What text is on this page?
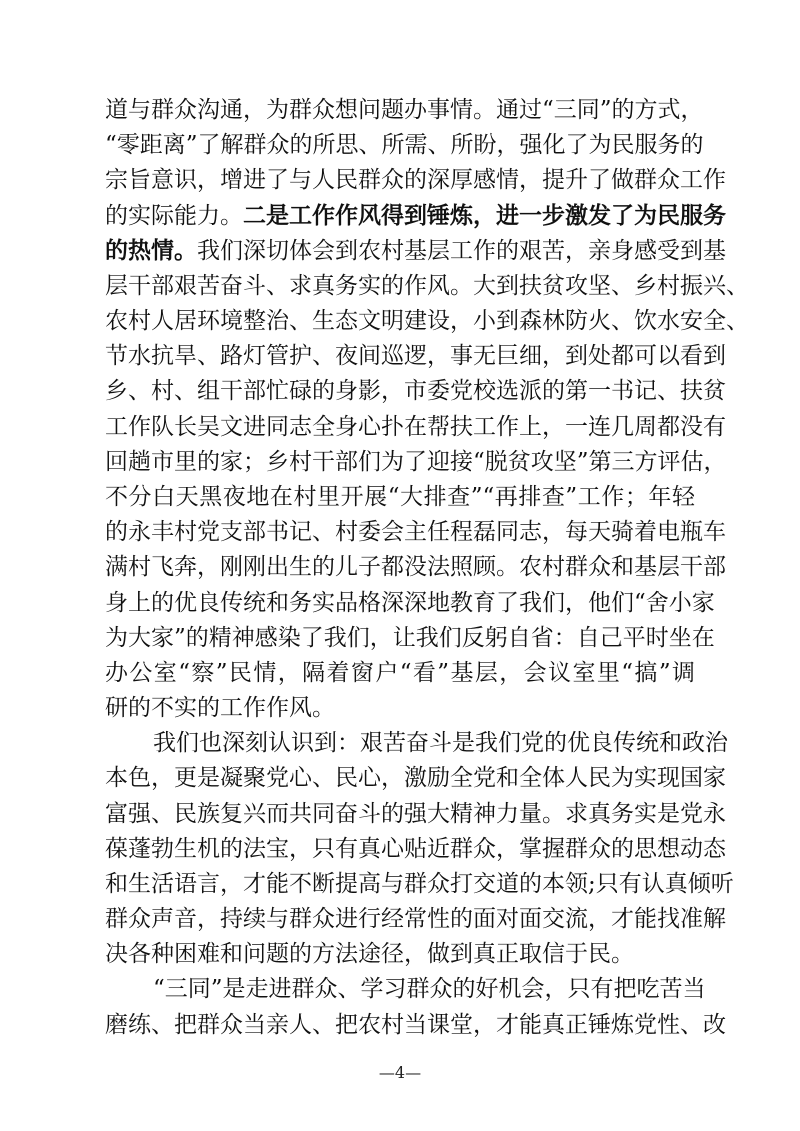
道与群众沟通，为群众想问题办事情。通过“三同”的方式，
“零距离”了解群众的所思、所需、所盼，强化了为民服务的
宗旨意识，增进了与人民群众的深厚感情，提升了做群众工作
的实际能力。二是工作作风得到锤炼，进一步激发了为民服务
的热情。我们深切体会到农村基层工作的艰苦，亲身感受到基
层干部艰苦奋斗、求真务实的作风。大到扶贫攻坚、乡村振兴、
农村人居环境整治、生态文明建设，小到森林防火、饮水安全、
节水抗旱、路灯管护、夜间巡逻，事无巨细，到处都可以看到
乡、村、组干部忙碌的身影，市委党校选派的第一书记、扶贫
工作队长吴文进同志全身心扑在帮扶工作上，一连几周都没有
回趟市里的家；乡村干部们为了迎接“脱贫攻坚”第三方评估，
不分白天黑夜地在村里开展“大排查”“再排查”工作；年轻
的永丰村党支部书记、村委会主任程磊同志，每天骑着电瓶车
满村飞奔，刚刚出生的儿子都没法照顾。农村群众和基层干部
身上的优良传统和务实品格深深地教育了我们，他们“舍小家
为大家”的精神感染了我们，让我们反躬自省：自己平时坐在
办公室“察”民情，隔着窗户“看”基层，会议室里“搞”调
研的不实的工作作风。
我们也深刻认识到：艰苦奋斗是我们党的优良传统和政治
本色，更是凝聚党心、民心，激励全党和全体人民为实现国家
富强、民族复兴而共同奋斗的强大精神力量。求真务实是党永
葆蓬勃生机的法宝，只有真心贴近群众，掌握群众的思想动态
和生活语言，才能不断提高与群众打交道的本领;只有认真倾听
群众声音，持续与群众进行经常性的面对面交流，才能找准解
决各种困难和问题的方法途径，做到真正取信于民。
—4—
“三同”是走进群众、学习群众的好机会，只有把吃苦当
磨练、把群众当亲人、把农村当课堂，才能真正锤炼党性、改
